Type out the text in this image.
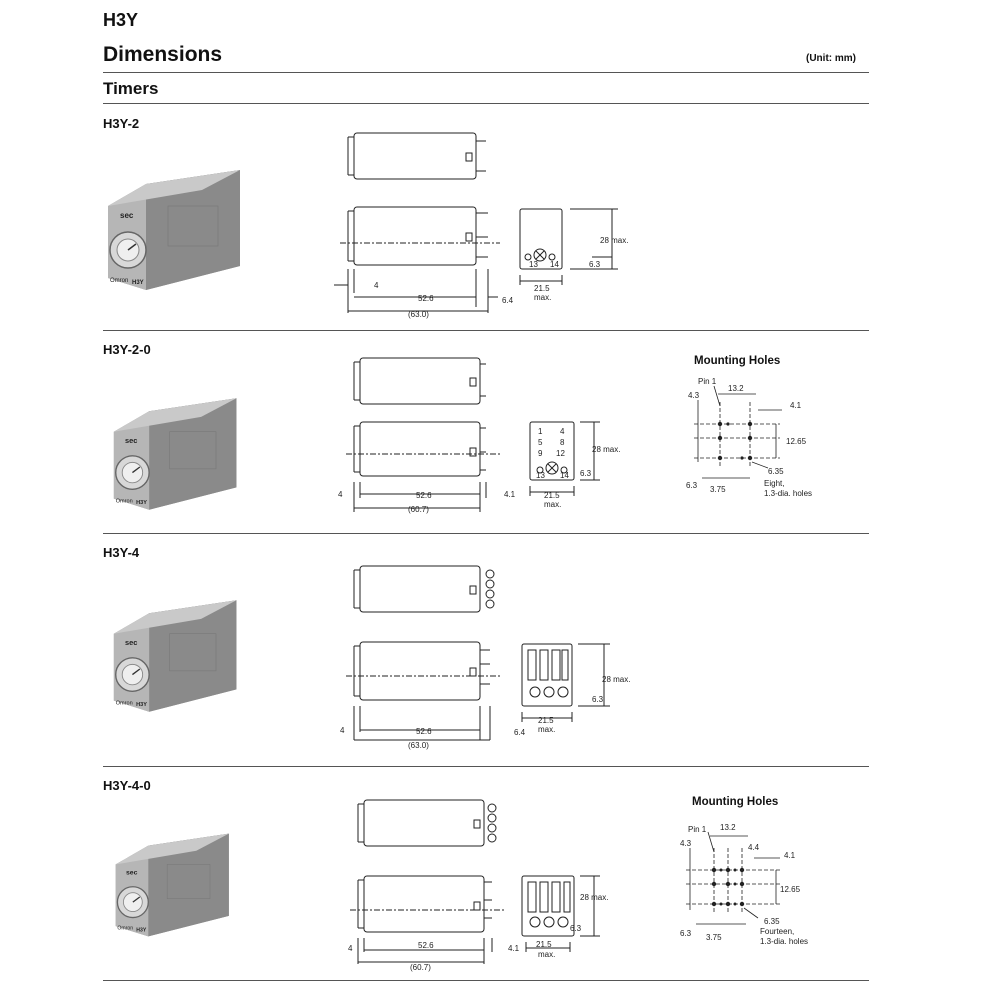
H3Y
Dimensions	(Unit: mm)
Timers
H3Y-2
H3Y-2-0
H3Y-4
H3Y-4-0
sec
Omron H3Y
sec
Omron H3Y
sec
Omron H3Y
sec
Omron H3Y
13 14
28 max.
6.3
21.5
max.
4
52.6	6.4
(63.0)
1 4
5 8
9 12
13 14
28 max.
6.3
21.5
max.
4	52.6	4.1
(60.7)
Mounting Holes
Pin 1
13.2
4.3
4.1
12.65
6.35
6.3 3.75
Eight,
1.3-dia. holes
28 max.
6.3
21.5
max.
4	52.6	6.4
(63.0)
28 max.
6.3
21.5
max.
4	52.6	4.1
(60.7)
Mounting Holes
Pin 1 13.2
4.4
4.3
4.1
12.65
6.35
6.3 3.75
Fourteen,
1.3-dia. holes
